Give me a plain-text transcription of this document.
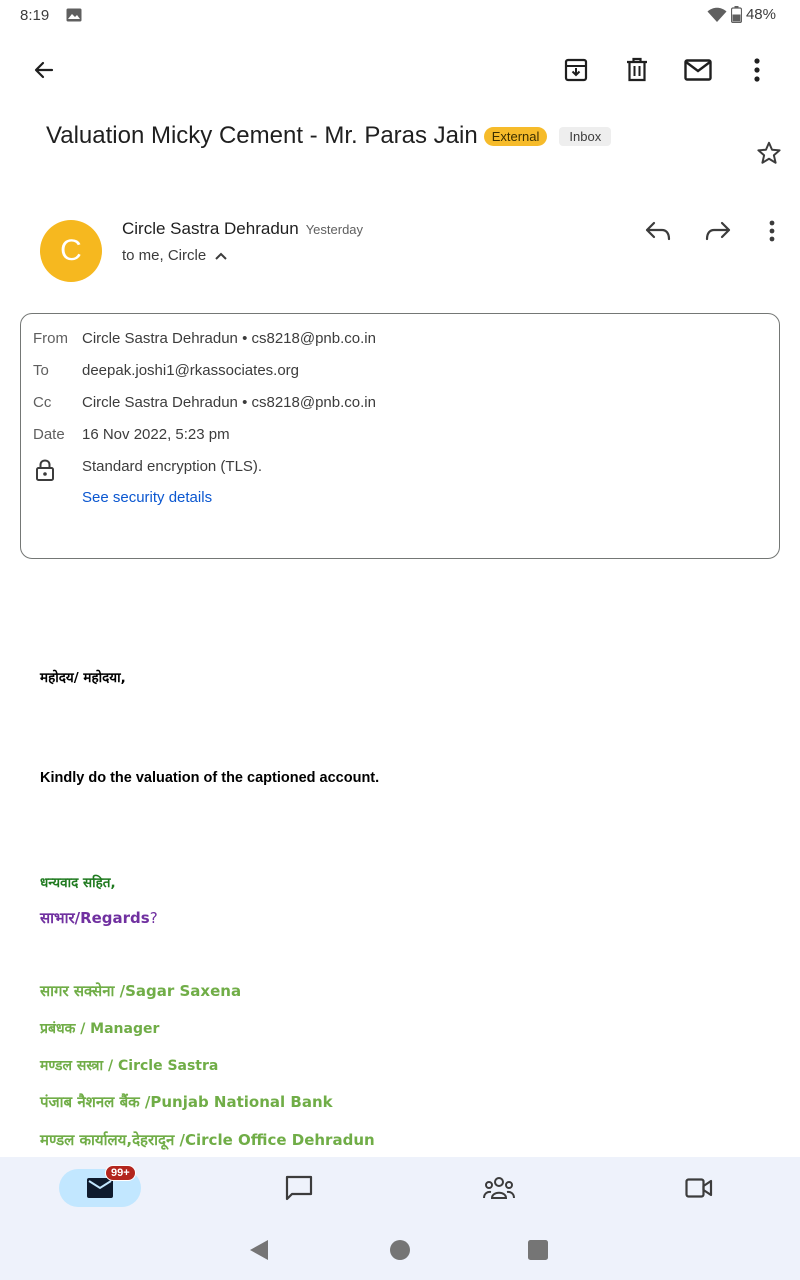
8:19	48%
Valuation Micky Cement - Mr. Paras Jain	External	Inbox
C
Circle Sastra Dehradun Yesterday
to me, Circle
From Circle Sastra Dehradun • cs8218@pnb.co.in
To	deepak.joshi1@rkassociates.org
Cc	Circle Sastra Dehradun • cs8218@pnb.co.in
Date	16 Nov 2022, 5:23 pm
Standard encryption (TLS).
See security details

महोदय/ महोदया,

Kindly do the valuation of the captioned account.

धन्यवाद सहित,

साभार/Regards?

सागर सक्सेना /Sagar Saxena

प्रबंधक / Manager

मण्डल सस्त्रा / Circle Sastra

पंजाब नैशनल बैंक /Punjab National Bank

मण्डल कार्यालय,देहरादून /Circle Office Dehradun

99+
